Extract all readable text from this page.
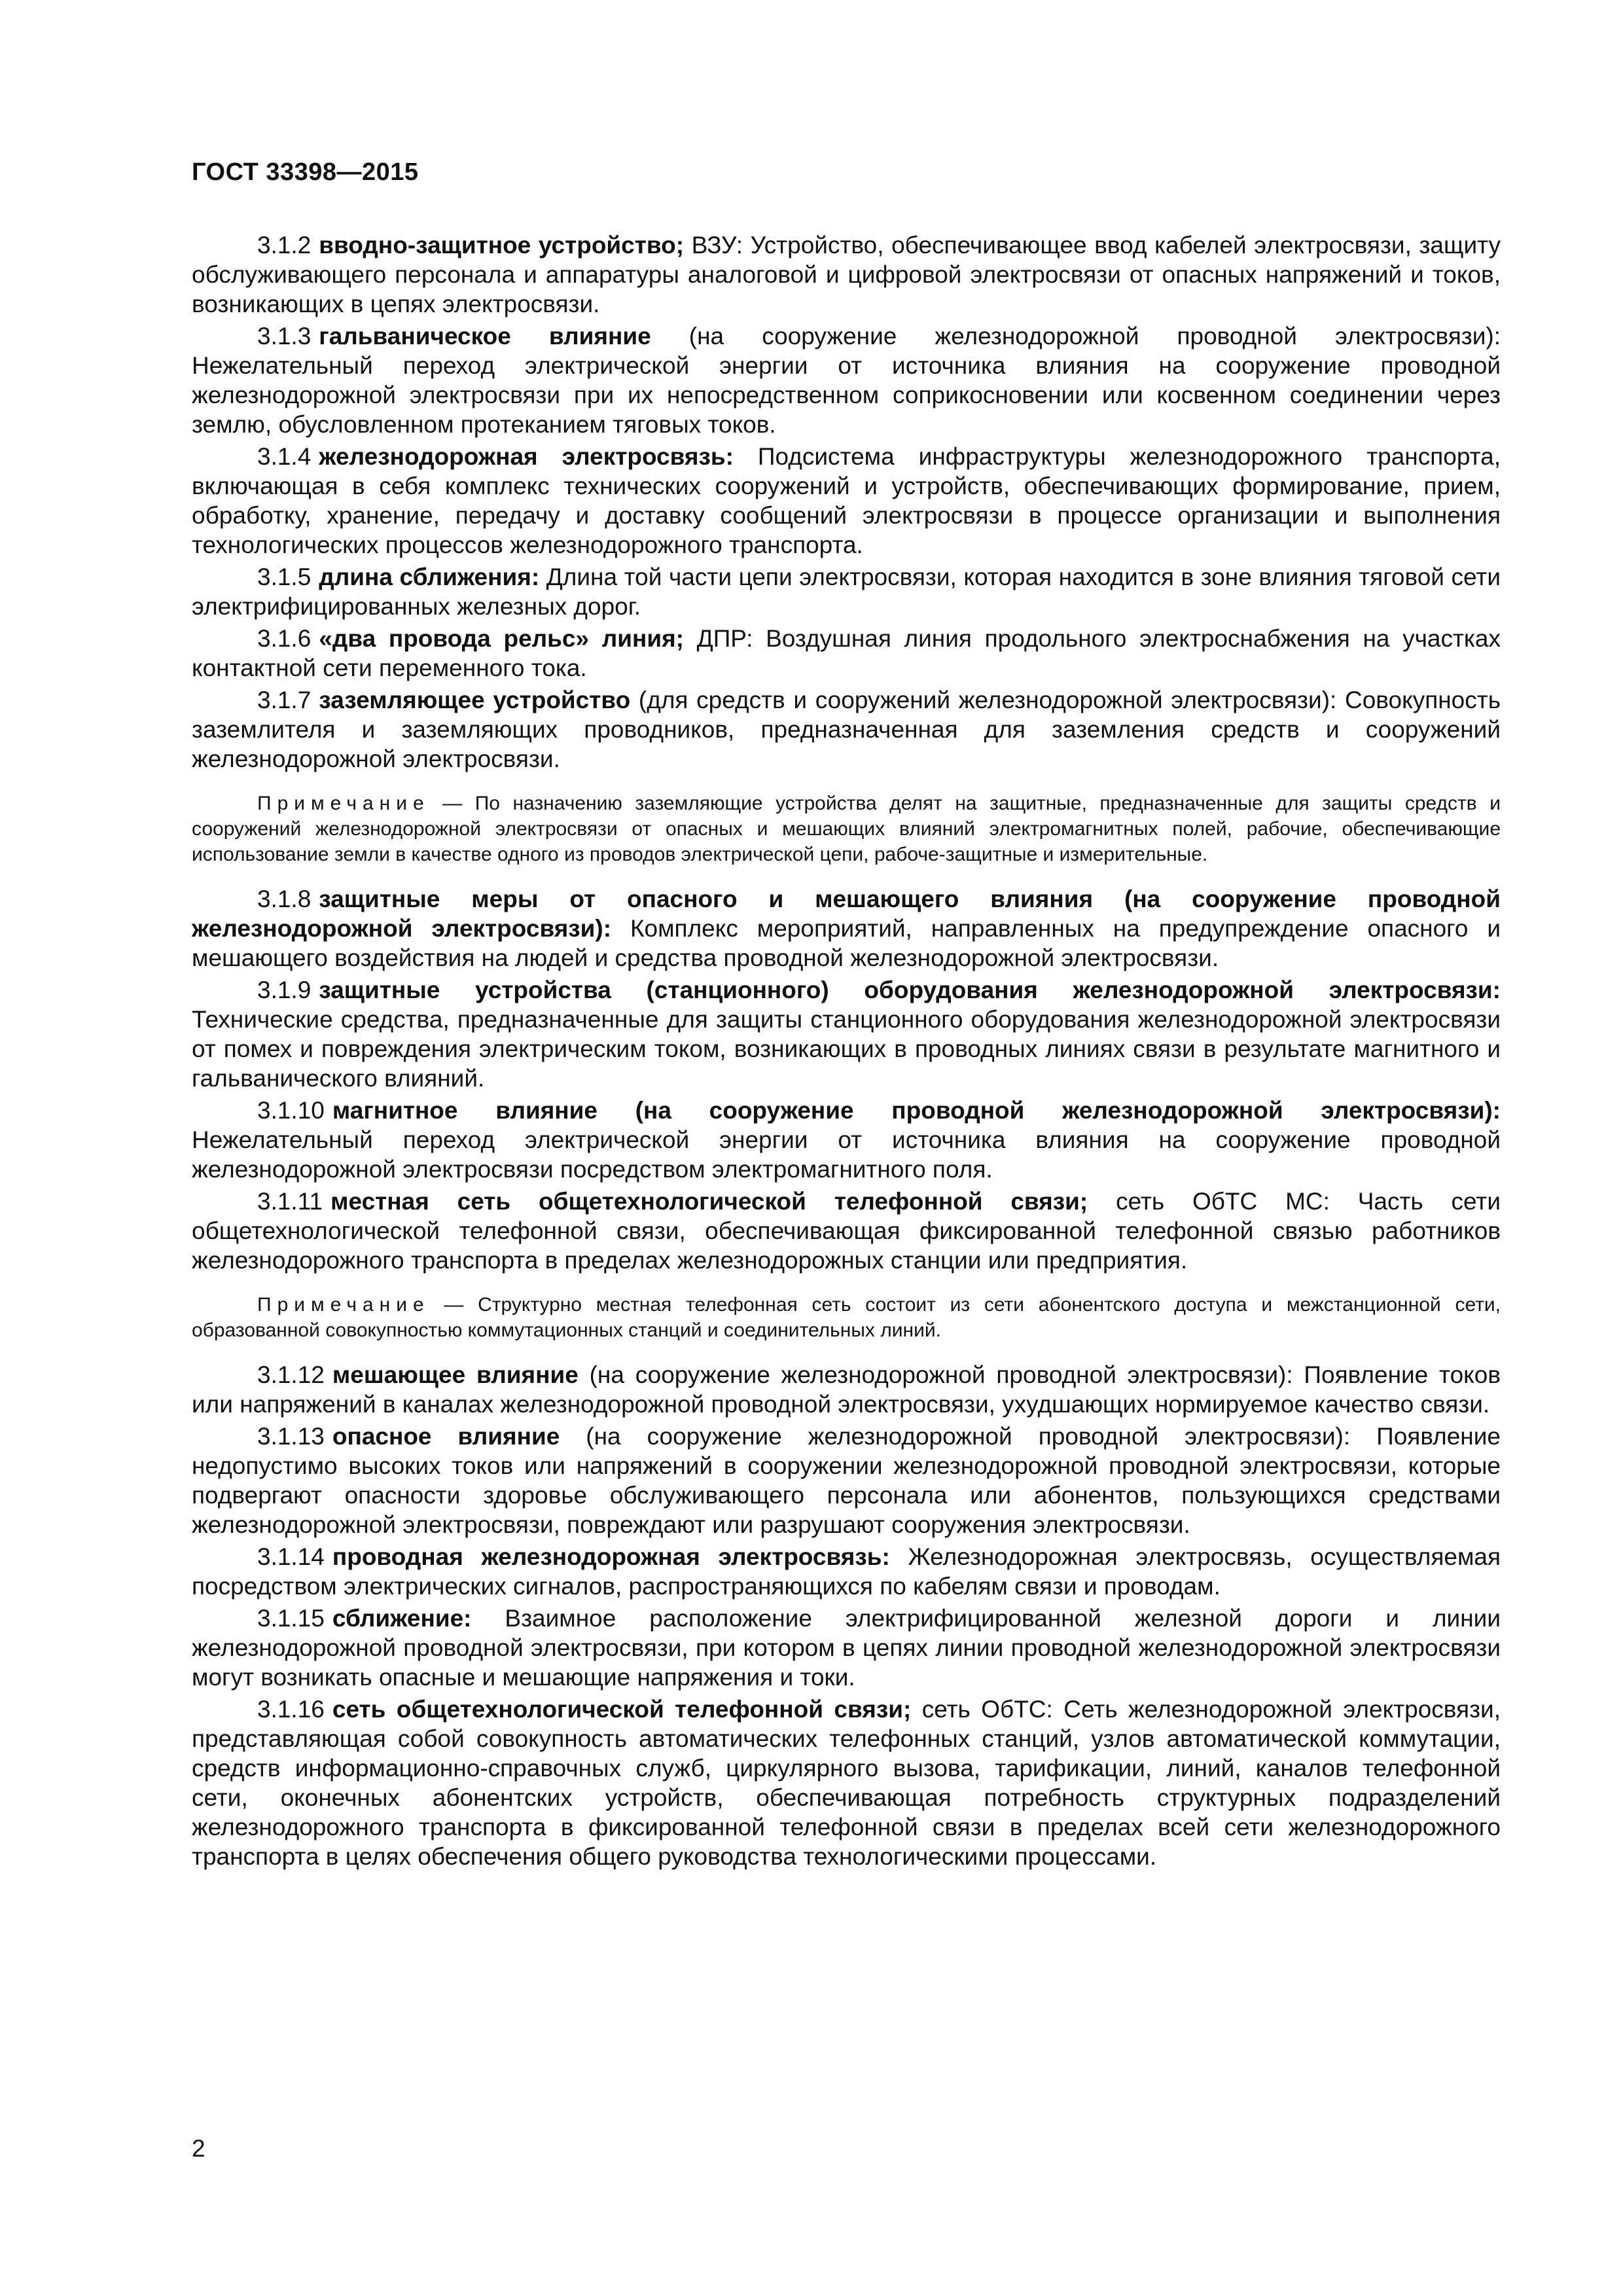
ГОСТ 33398—2015

3.1.2 вводно-защитное устройство; ВЗУ: Устройство, обеспечивающее ввод кабелей электросвязи, защиту обслуживающего персонала и аппаратуры аналоговой и цифровой электросвязи от опасных напряжений и токов, возникающих в цепях электросвязи.

3.1.3 гальваническое влияние (на сооружение железнодорожной проводной электросвязи): Нежелательный переход электрической энергии от источника влияния на сооружение проводной железнодорожной электросвязи при их непосредственном соприкосновении или косвенном соединении через землю, обусловленном протеканием тяговых токов.

3.1.4 железнодорожная электросвязь: Подсистема инфраструктуры железнодорожного транспорта, включающая в себя комплекс технических сооружений и устройств, обеспечивающих формирование, прием, обработку, хранение, передачу и доставку сообщений электросвязи в процессе организации и выполнения технологических процессов железнодорожного транспорта.

3.1.5 длина сближения: Длина той части цепи электросвязи, которая находится в зоне влияния тяговой сети электрифицированных железных дорог.

3.1.6 «два провода рельс» линия; ДПР: Воздушная линия продольного электроснабжения на участках контактной сети переменного тока.

3.1.7 заземляющее устройство (для средств и сооружений железнодорожной электросвязи): Совокупность заземлителя и заземляющих проводников, предназначенная для заземления средств и сооружений железнодорожной электросвязи.

Примечание — По назначению заземляющие устройства делят на защитные, предназначенные для защиты средств и сооружений железнодорожной электросвязи от опасных и мешающих влияний электромагнитных полей, рабочие, обеспечивающие использование земли в качестве одного из проводов электрической цепи, рабоче-защитные и измерительные.

3.1.8 защитные меры от опасного и мешающего влияния (на сооружение проводной железнодорожной электросвязи): Комплекс мероприятий, направленных на предупреждение опасного и мешающего воздействия на людей и средства проводной железнодорожной электросвязи.

3.1.9 защитные устройства (станционного) оборудования железнодорожной электросвязи: Технические средства, предназначенные для защиты станционного оборудования железнодорожной электросвязи от помех и повреждения электрическим током, возникающих в проводных линиях связи в результате магнитного и гальванического влияний.

3.1.10 магнитное влияние (на сооружение проводной железнодорожной электросвязи): Нежелательный переход электрической энергии от источника влияния на сооружение проводной железнодорожной электросвязи посредством электромагнитного поля.

3.1.11 местная сеть общетехнологической телефонной связи; сеть ОбТС МС: Часть сети общетехнологической телефонной связи, обеспечивающая фиксированной телефонной связью работников железнодорожного транспорта в пределах железнодорожных станции или предприятия.

Примечание — Структурно местная телефонная сеть состоит из сети абонентского доступа и межстанционной сети, образованной совокупностью коммутационных станций и соединительных линий.

3.1.12 мешающее влияние (на сооружение железнодорожной проводной электросвязи): Появление токов или напряжений в каналах железнодорожной проводной электросвязи, ухудшающих нормируемое качество связи.

3.1.13 опасное влияние (на сооружение железнодорожной проводной электросвязи): Появление недопустимо высоких токов или напряжений в сооружении железнодорожной проводной электросвязи, которые подвергают опасности здоровье обслуживающего персонала или абонентов, пользующихся средствами железнодорожной электросвязи, повреждают или разрушают сооружения электросвязи.

3.1.14 проводная железнодорожная электросвязь: Железнодорожная электросвязь, осуществляемая посредством электрических сигналов, распространяющихся по кабелям связи и проводам.

3.1.15 сближение: Взаимное расположение электрифицированной железной дороги и линии железнодорожной проводной электросвязи, при котором в цепях линии проводной железнодорожной электросвязи могут возникать опасные и мешающие напряжения и токи.

3.1.16 сеть общетехнологической телефонной связи; сеть ОбТС: Сеть железнодорожной электросвязи, представляющая собой совокупность автоматических телефонных станций, узлов автоматической коммутации, средств информационно-справочных служб, циркулярного вызова, тарификации, линий, каналов телефонной сети, оконечных абонентских устройств, обеспечивающая потребность структурных подразделений железнодорожного транспорта в фиксированной телефонной связи в пределах всей сети железнодорожного транспорта в целях обеспечения общего руководства технологическими процессами.

2
